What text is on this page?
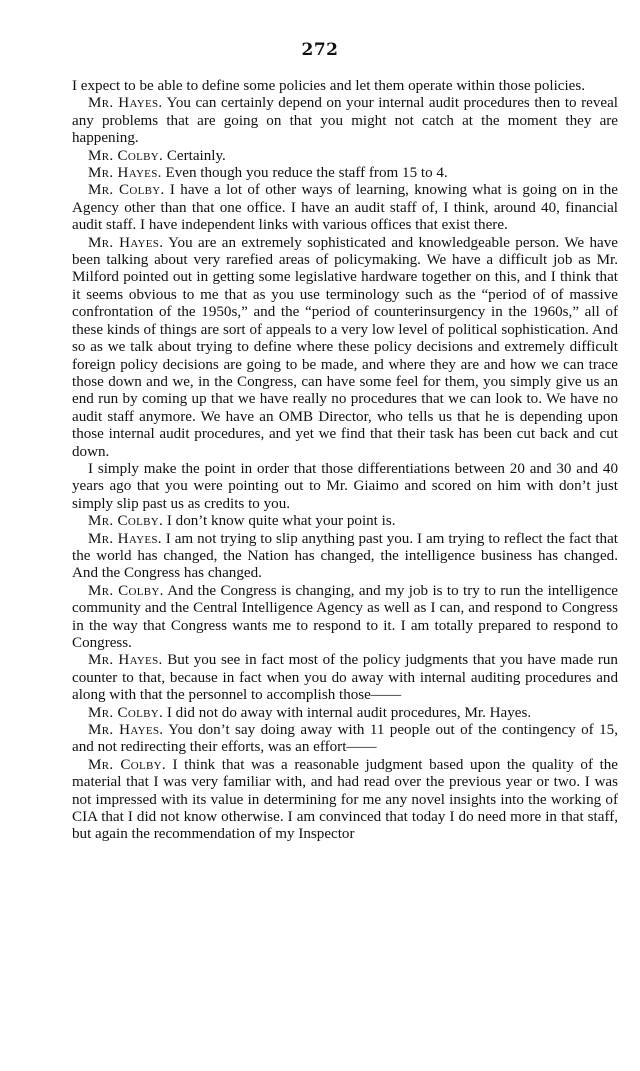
272

I expect to be able to define some policies and let them operate within those policies.

Mr. Hayes. You can certainly depend on your internal audit procedures then to reveal any problems that are going on that you might not catch at the moment they are happening.

Mr. Colby. Certainly.

Mr. Hayes. Even though you reduce the staff from 15 to 4.

Mr. Colby. I have a lot of other ways of learning, knowing what is going on in the Agency other than that one office. I have an audit staff of, I think, around 40, financial audit staff. I have independent links with various offices that exist there.

Mr. Hayes. You are an extremely sophisticated and knowledgeable person. We have been talking about very rarefied areas of policymaking. We have a difficult job as Mr. Milford pointed out in getting some legislative hardware together on this, and I think that it seems obvious to me that as you use terminology such as the “period of of massive confrontation of the 1950s,” and the “period of counterinsurgency in the 1960s,” all of these kinds of things are sort of appeals to a very low level of political sophistication. And so as we talk about trying to define where these policy decisions and extremely difficult foreign policy decisions are going to be made, and where they are and how we can trace those down and we, in the Congress, can have some feel for them, you simply give us an end run by coming up that we have really no procedures that we can look to. We have no audit staff anymore. We have an OMB Director, who tells us that he is depending upon those internal audit procedures, and yet we find that their task has been cut back and cut down.

I simply make the point in order that those differentiations between 20 and 30 and 40 years ago that you were pointing out to Mr. Giaimo and scored on him with don’t just simply slip past us as credits to you.

Mr. Colby. I don’t know quite what your point is.

Mr. Hayes. I am not trying to slip anything past you. I am trying to reflect the fact that the world has changed, the Nation has changed, the intelligence business has changed. And the Congress has changed.

Mr. Colby. And the Congress is changing, and my job is to try to run the intelligence community and the Central Intelligence Agency as well as I can, and respond to Congress in the way that Congress wants me to respond to it. I am totally prepared to respond to Congress.

Mr. Hayes. But you see in fact most of the policy judgments that you have made run counter to that, because in fact when you do away with internal auditing procedures and along with that the personnel to accomplish those——

Mr. Colby. I did not do away with internal audit procedures, Mr. Hayes.

Mr. Hayes. You don’t say doing away with 11 people out of the contingency of 15, and not redirecting their efforts, was an effort——

Mr. Colby. I think that was a reasonable judgment based upon the quality of the material that I was very familiar with, and had read over the previous year or two. I was not impressed with its value in determining for me any novel insights into the working of CIA that I did not know otherwise. I am convinced that today I do need more in that staff, but again the recommendation of my Inspector
